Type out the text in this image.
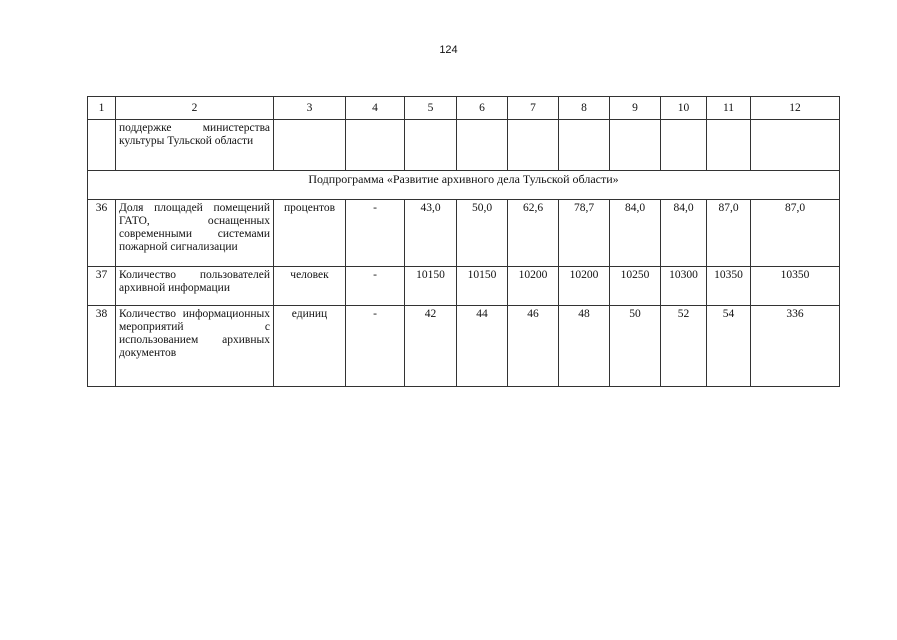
124
1	2	3	4	5	6	7	8	9	10	11	12
	поддержке министерства культуры Тульской области										
Подпрограмма «Развитие архивного дела Тульской области»											
36	Доля площадей помещений ГАТО, оснащенных современными системами пожарной сигнализации	процентов	-	43,0	50,0	62,6	78,7	84,0	84,0	87,0	87,0
37	Количество пользователей архивной информации	человек	-	10150	10150	10200	10200	10250	10300	10350	10350
38	Количество информационных мероприятий с использованием архивных документов	единиц	-	42	44	46	48	50	52	54	336
